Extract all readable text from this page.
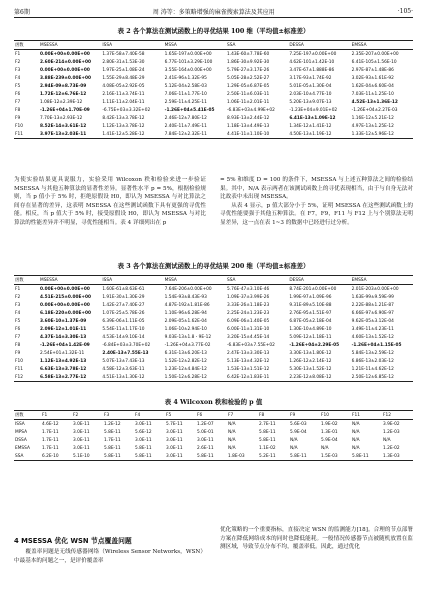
第6期	周 涛等：多策略增强的麻雀搜索算法及其应用	·105·
表 2 各个算法在测试函数上的寻优结果 100 维（平均值±标准差）
函数	MSESSA	ISSA	MSSA	SSA	DESSA	EMSSA
F1	0.00E+00±0.00E+00	1.37E-58±7.40E-58	1.65E-197±0.00E+00	1.43E-60±7.78E-60	7.25E-197±0.00E+00	2.35E-207±0.00E+00
F2	2.60E-214±0.00E+00	2.80E-31±1.53E-30	6.77E-101±3.29E-100	1.86E-30±9.92E-30	4.62E-101±1.42E-10	6.41E-105±1.56E-10
F3	0.00E+00±0.00E+00	1.97E-25±1.08E-24	3.55E-164±0.00E+00	5.79E-27±3.17E-26	3.47E-67±1.888E-86	2.97E-87±1.48E-86
F4	3.88E-239±0.00E+00	1.55E-29±8.48E-29	2.41E-96±1.32E-95	5.05E-28±2.52E-27	3.17E-93±1.74E-92	3.02E-93±1.61E-92
F5	2.94E-09±8.73E-09	4.08E-05±2.92E-05	5.12E-04±2.58E-03	1.29E-05±6.87E-05	5.01E-05±1.30E-04	1.62E-04±6.60E-04
F6	1.72E-12±6.76E-12	2.16E-11±3.74E-11	7.06E-11±1.77E-10	2.50E-11±6.03E-11	2.03E-10±4.77E-10	7.03E-11±1.25E-10
F7	1.08E-12±2.39E-12	1.11E-11±2.04E-11	2.59E-11±4.25E-11	1.06E-11±2.01E-11	5.20E-13±9.07E-13	4.52E-13±1.36E-12
F8	-1.26E+04±1.70E-09	-6.75E+03±3.32E+02	-1.26E+04±5.41E-05	-6.83E+03±4.99E+02	-1.23E+04±9.01E+02	-1.26E+04±2.27E-03
F9	7.70E-13±2.93E-12	8.42E-13±3.78E-12	2.46E-12±7.80E-12	8.93E-13±2.44E-12	6.41E-13±1.09E-12	1.16E-12±5.21E-12
F10	8.52E-14±3.61E-12	1.12E-13±3.78E-12	2.40E-11±7.49E-11	1.18E-13±4.49E-13	1.34E-12±1.41E-12	4.97E-13±1.25E-12
F11	3.97E-13±2.03E-11	1.41E-12±5.28E-12	7.84E-12±2.32E-11	4.41E-11±1.10E-10	4.50E-13±1.19E-12	1.33E-12±5.96E-12
为使实验结果更具说服力，实验采用 Wilcoxon 秩和检验来进一步验证 MSESSA 与其他五种算法的显著性差异。显著性水平 p = 5%，根据检验规则，当 p 值小于 5% 时，拒绝原假设 H0，即认为 MSESSA 与对比算法之间存在显著的差异，这表明 MSESSA 在这些测试函数下具有更强的寻优性能。相反，当 p 值大于 5% 时，接受原假设 H0，即认为 MSESSA 与对比算法的性能差异并不明显，寻优性能相当。表 4 详细列出在 p
= 5% 和维度 D = 100 的条件下，MSESSA 与上述五种算法之间的检验结果。其中，N/A 表示两者在该测试函数上的寻优表现相当，由于与自身无法对比故表中未出现 MSESSA。
　　从表 4 显示，p 值大部分小于 5%，证明 MSESSA 在这些测试函数上的寻优性能要强于其他五种算法。在 F7，F9，F11 与 F12 上与个别算法无明显差异，这一点在表 1~3 的数据中已经进行过分析。
表 3 各个算法在测试函数上的寻优结果 200 维（平均值±标准差）
函数	MSESSA	ISSA	MSSA	SSA	DESSA	EMSSA
F1	0.00E+00±0.00E+00	1.60E-61±8.63E-61	7.64E-206±0.00E+00	5.76E-47±3.10E-46	8.74E-201±0.00E+00	2.01E-203±0.00E+00
F2	4.51E-215±0.00E+00	1.91E-30±1.30E-29	1.54E-93±8.43E-93	1.09E-37±3.99E-26	1.99E-97±1.09E-96	1.63E-99±9.59E-99
F3	0.00E+00±0.00E+00	1.42E-27±7.40E-27	4.87E-192±1.81E-86	3.33E-26±1.18E-23	9.31E-89±5.10E-88	2.22E-88±1.21E-87
F4	6.18E-220±0.00E+00	1.07E-25±5.78E-26	1.10E-96±6.28E-94	2.25E-24±1.23E-23	2.76E-95±1.51E-97	6.66E-97±6.90E-97
F5	3.60E-10±1.37E-09	6.39E-06±1.11E-05	2.09E-05±1.62E-04	6.09E-06±1.40E-05	6.87E-05±2.18E-04	9.62E-05±3.12E-04
F6	2.09E-12±1.01E-11	5.54E-11±1.17E-10	1.06E-10±2.94E-10	6.00E-11±1.31E-10	1.30E-10±4.89E-10	3.49E-11±4.23E-11
F7	4.37E-14±3.30E-13	4.53E-14±9.10E-14	9.03E-13±1.8・9E-12	3.20E-15±4.45E-14	5.09E-12±1.18E-11	4.60E-13±1.52E-12
F8	-1.26E+04±1.42E-09	-6.84E+03±3.70E+02	-1.26E+04±3.77E-02	-6.83E+03±7.55E+02	-1.26E+04±2.29E-05	-1.26E+04±1.15E-05
F9	2.54E+01±1.32E-11	2.40E-13±7.55E-13	6.31E-13±6.20E-13	2.47E-13±3.30E-13	3.30E-13±1.80E-12	5.84E-13±2.59E-12
F10	1.12E-13±4.92E-13	5.07E-13±7.43E-13	1.52E-12±2.82E-12	5.13E-13±4.32E-12	1.26E-12±2.14E-12	6.86E-13±2.03E-12
F11	6.63E-13±3.78E-12	4.58E-12±3.63E-11	1.23E-12±4.84E-12	1.53E-13±1.51E-12	5.30E-13±1.52E-12	1.21E-11±4.62E-12
F12	6.58E-13±2.77E-12	4.51E-13±1.30E-12	1.50E-12±6.28E-12	6.42E-12±1.83E-11	2.23E-12±8.08E-12	2.50E-12±6.85E-12
表 4 Wilcoxon 秩和检验的 p 值
函数	F1	F2	F3	F4	F5	F6	F7	F8	F9	F10	F11	F12
ISSA	4.6E-12	3.0E-11	1.2E-12	3.0E-11	5.7E-11	1.2E-07	N/A	2.7E-11	5.6E-03	1.9E-02	N/A	3.9E-02
MPSA	1.7E-11	3.0E-11	5.8E-11	5.6E-12	3.0E-11	5.0E-01	N/A	5.8E-11	5.9E-04	1.3E-01	N/A	1.2E-03
DSSA	1.7E-11	3.0E-11	1.7E-11	3.0E-11	3.0E-11	3.0E-11	N/A	5.8E-11	N/A	5.9E-04	N/A	N/A
EMSSA	1.7E-11	3.0E-11	5.8E-11	5.8E-11	3.0E-11	2.6E-11	N/A	1.1E-02	N/A	N/A	N/A	1.2E-02
SSA	6.2E-10	5.1E-10	5.8E-11	5.8E-11	3.0E-11	5.8E-11	1.8E-03	5.2E-11	5.8E-11	1.5E-03	5.8E-11	1.3E-03
4 MSESSA 优化 WSN 节点覆盖问题
　　覆盖率问题是无线传感器网络（Wireless Sensor Networks，WSN）中最基本的问题之一，是评价覆盖率
优化策略的一个重要指标，直接决定 WSN 的监测能力[18]。合理的节点部署方案在降低网络成本的同时也降低能耗。一般情况传感器节点被随机放置在监测区域，导致节点分布不均，覆盖率低。因此，通过优化
